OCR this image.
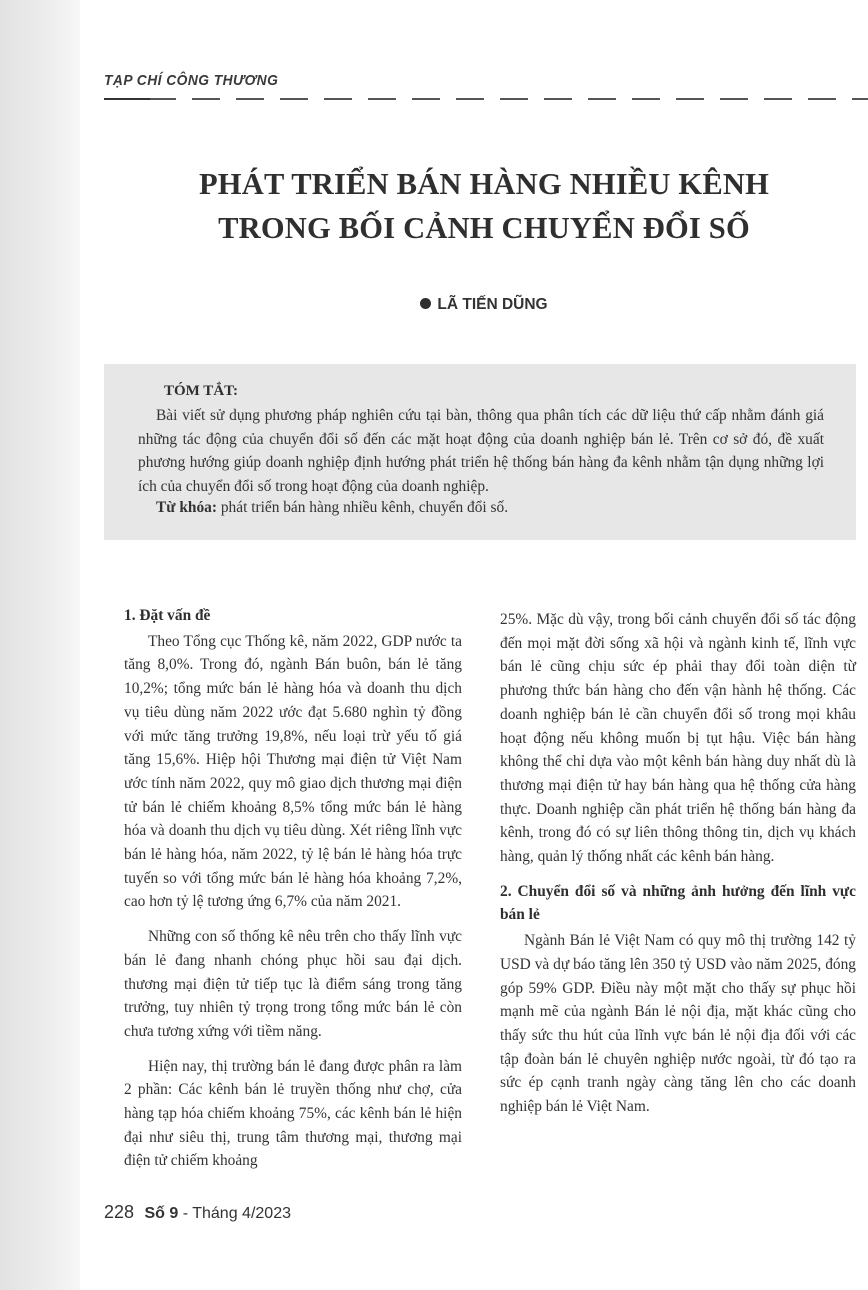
TẠP CHÍ CÔNG THƯƠNG
PHÁT TRIỂN BÁN HÀNG NHIỀU KÊNH
TRONG BỐI CẢNH CHUYỂN ĐỔI SỐ
LÃ TIẾN DŨNG
TÓM TẮT:

Bài viết sử dụng phương pháp nghiên cứu tại bàn, thông qua phân tích các dữ liệu thứ cấp nhằm đánh giá những tác động của chuyển đổi số đến các mặt hoạt động của doanh nghiệp bán lẻ. Trên cơ sở đó, đề xuất phương hướng giúp doanh nghiệp định hướng phát triển hệ thống bán hàng đa kênh nhằm tận dụng những lợi ích của chuyển đổi số trong hoạt động của doanh nghiệp.

Từ khóa: phát triển bán hàng nhiều kênh, chuyển đổi số.
1. Đặt vấn đề

Theo Tổng cục Thống kê, năm 2022, GDP nước ta tăng 8,0%. Trong đó, ngành Bán buôn, bán lẻ tăng 10,2%; tổng mức bán lẻ hàng hóa và doanh thu dịch vụ tiêu dùng năm 2022 ước đạt 5.680 nghìn tỷ đồng với mức tăng trưởng 19,8%, nếu loại trừ yếu tố giá tăng 15,6%. Hiệp hội Thương mại điện tử Việt Nam ước tính năm 2022, quy mô giao dịch thương mại điện tử bán lẻ chiếm khoảng 8,5% tổng mức bán lẻ hàng hóa và doanh thu dịch vụ tiêu dùng. Xét riêng lĩnh vực bán lẻ hàng hóa, năm 2022, tỷ lệ bán lẻ hàng hóa trực tuyến so với tổng mức bán lẻ hàng hóa khoảng 7,2%, cao hơn tỷ lệ tương ứng 6,7% của năm 2021.

Những con số thống kê nêu trên cho thấy lĩnh vực bán lẻ đang nhanh chóng phục hồi sau đại dịch. thương mại điện tử tiếp tục là điểm sáng trong tăng trưởng, tuy nhiên tỷ trọng trong tổng mức bán lẻ còn chưa tương xứng với tiềm năng.

Hiện nay, thị trường bán lẻ đang được phân ra làm 2 phần: Các kênh bán lẻ truyền thống như chợ, cửa hàng tạp hóa chiếm khoảng 75%, các kênh bán lẻ hiện đại như siêu thị, trung tâm thương mại, thương mại điện tử chiếm khoảng

25%. Mặc dù vậy, trong bối cảnh chuyển đổi số tác động đến mọi mặt đời sống xã hội và ngành kinh tế, lĩnh vực bán lẻ cũng chịu sức ép phải thay đổi toàn diện từ phương thức bán hàng cho đến vận hành hệ thống. Các doanh nghiệp bán lẻ cần chuyển đổi số trong mọi khâu hoạt động nếu không muốn bị tụt hậu. Việc bán hàng không thể chỉ dựa vào một kênh bán hàng duy nhất dù là thương mại điện tử hay bán hàng qua hệ thống cửa hàng thực. Doanh nghiệp cần phát triển hệ thống bán hàng đa kênh, trong đó có sự liên thông thông tin, dịch vụ khách hàng, quản lý thống nhất các kênh bán hàng.

2. Chuyển đổi số và những ảnh hưởng đến lĩnh vực bán lẻ

Ngành Bán lẻ Việt Nam có quy mô thị trường 142 tỷ USD và dự báo tăng lên 350 tỷ USD vào năm 2025, đóng góp 59% GDP. Điều này một mặt cho thấy sự phục hồi mạnh mẽ của ngành Bán lẻ nội địa, mặt khác cũng cho thấy sức thu hút của lĩnh vực bán lẻ nội địa đối với các tập đoàn bán lẻ chuyên nghiệp nước ngoài, từ đó tạo ra sức ép cạnh tranh ngày càng tăng lên cho các doanh nghiệp bán lẻ Việt Nam.

228 Số 9 - Tháng 4/2023
